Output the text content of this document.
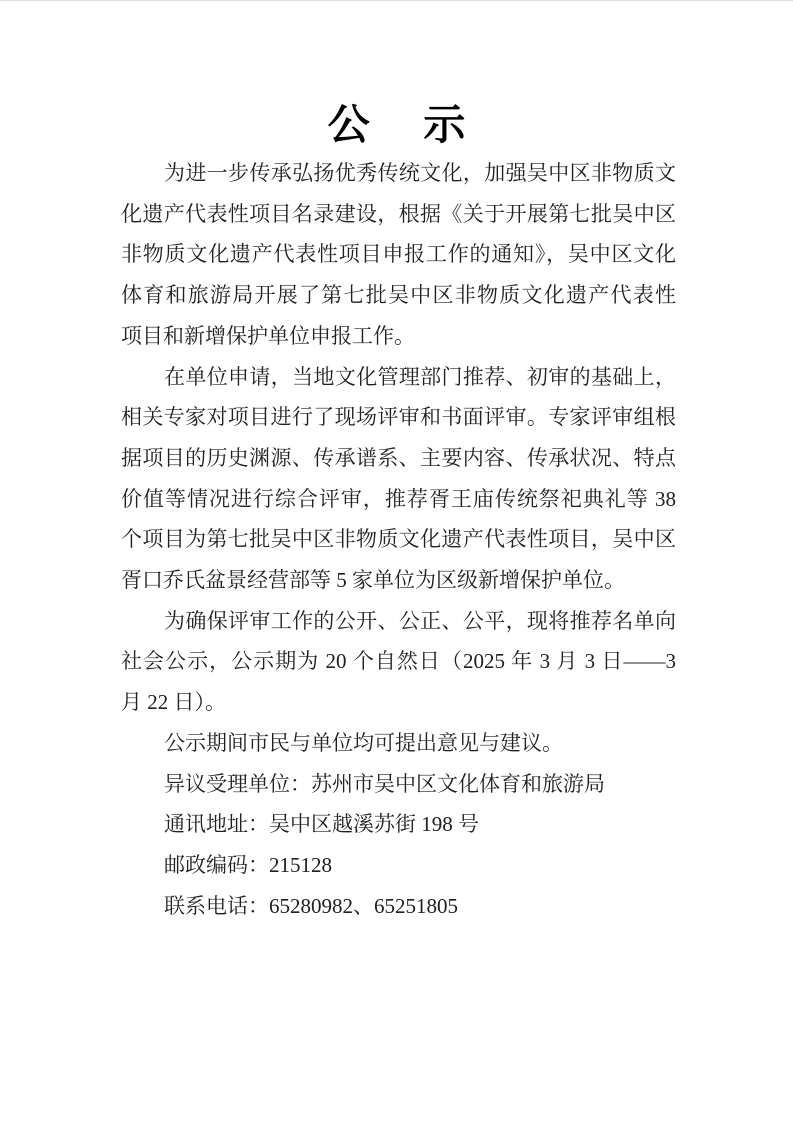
公 示
为进一步传承弘扬优秀传统文化，加强吴中区非物质文
化遗产代表性项目名录建设，根据《关于开展第七批吴中区
非物质文化遗产代表性项目申报工作的通知》，吴中区文化
体育和旅游局开展了第七批吴中区非物质文化遗产代表性
项目和新增保护单位申报工作。
在单位申请，当地文化管理部门推荐、初审的基础上，
相关专家对项目进行了现场评审和书面评审。专家评审组根
据项目的历史渊源、传承谱系、主要内容、传承状况、特点
价值等情况进行综合评审，推荐胥王庙传统祭祀典礼等 38
个项目为第七批吴中区非物质文化遗产代表性项目，吴中区
胥口乔氏盆景经营部等 5 家单位为区级新增保护单位。
为确保评审工作的公开、公正、公平，现将推荐名单向
社会公示，公示期为 20 个自然日（2025 年 3 月 3 日——3
月 22 日）。
公示期间市民与单位均可提出意见与建议。
异议受理单位：苏州市吴中区文化体育和旅游局
通讯地址：吴中区越溪苏街 198 号
邮政编码：215128
联系电话：65280982、65251805
